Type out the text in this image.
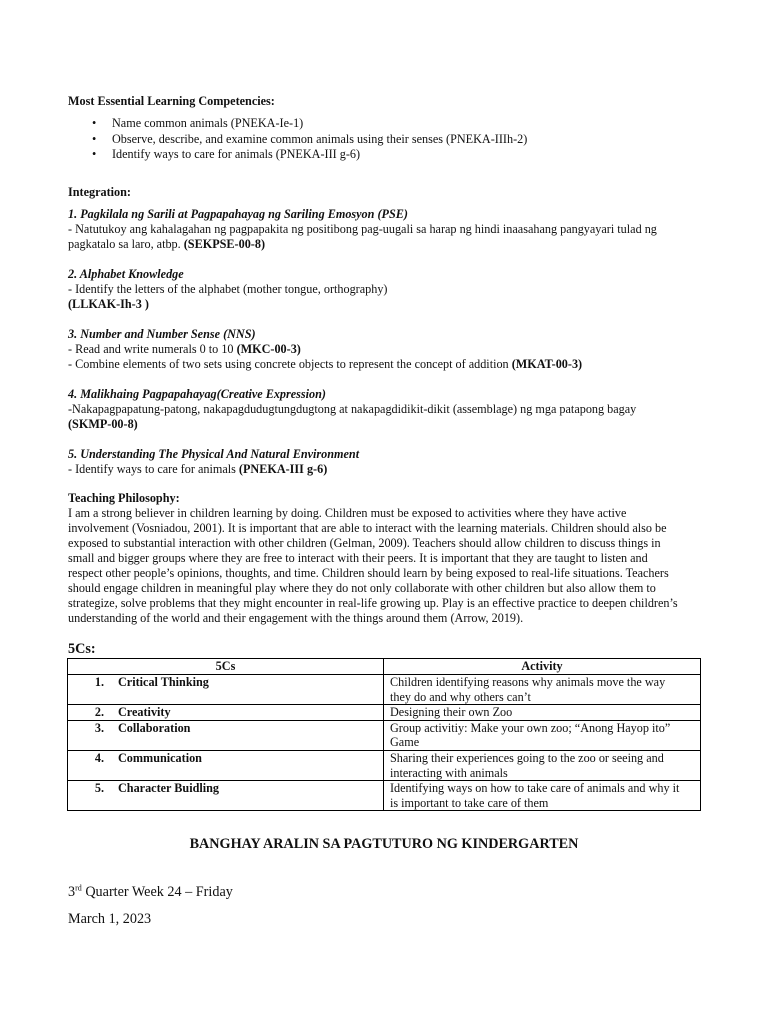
Most Essential Learning Competencies:

• Name common animals (PNEKA-Ie-1)
• Observe, describe, and examine common animals using their senses (PNEKA-IIIh-2)
• Identify ways to care for animals (PNEKA-III g-6)

Integration:

1. Pagkilala ng Sarili at Pagpapahayag ng Sariling Emosyon (PSE)

- Natutukoy ang kahalagahan ng pagpapakita ng positibong pag-uugali sa harap ng hindi inaasahang pangyayari tulad ng

pagkatalo sa laro, atbp. (SEKPSE-00-8)

2. Alphabet Knowledge

- Identify the letters of the alphabet (mother tongue, orthography)

(LLKAK-Ih-3 )

3. Number and Number Sense (NNS)

- Read and write numerals 0 to 10 (MKC-00-3)

- Combine elements of two sets using concrete objects to represent the concept of addition (MKAT-00-3)

4. Malikhaing Pagpapahayag(Creative Expression)

-Nakapagpapatung-patong, nakapagdudugtungdugtong at nakapagdidikit-dikit (assemblage) ng mga patapong bagay

(SKMP-00-8)

5. Understanding The Physical And Natural Environment

- Identify ways to care for animals (PNEKA-III g-6)

Teaching Philosophy:

I am a strong believer in children learning by doing. Children must be exposed to activities where they have active

involvement (Vosniadou, 2001). It is important that are able to interact with the learning materials. Children should also be

exposed to substantial interaction with other children (Gelman, 2009). Teachers should allow children to discuss things in

small and bigger groups where they are free to interact with their peers. It is important that they are taught to listen and

respect other people’s opinions, thoughts, and time. Children should learn by being exposed to real-life situations. Teachers

should engage children in meaningful play where they do not only collaborate with other children but also allow them to

strategize, solve problems that they might encounter in real-life growing up. Play is an effective practice to deepen children’s

understanding of the world and their engagement with the things around them (Arrow, 2019).

5Cs:

5Cs	Activity
1. Critical Thinking	Children identifying reasons why animals move the way
they do and why others can’t

2. Creativity	Designing their own Zoo

3. Collaboration	Group activitiy: Make your own zoo; “Anong Hayop ito”
Game

4. Communication	Sharing their experiences going to the zoo or seeing and
interacting with animals

5. Character Buidling	Identifying ways on how to take care of animals and why it
is important to take care of them

BANGHAY ARALIN SA PAGTUTURO NG KINDERGARTEN

3rd Quarter Week 24 – Friday

March 1, 2023
